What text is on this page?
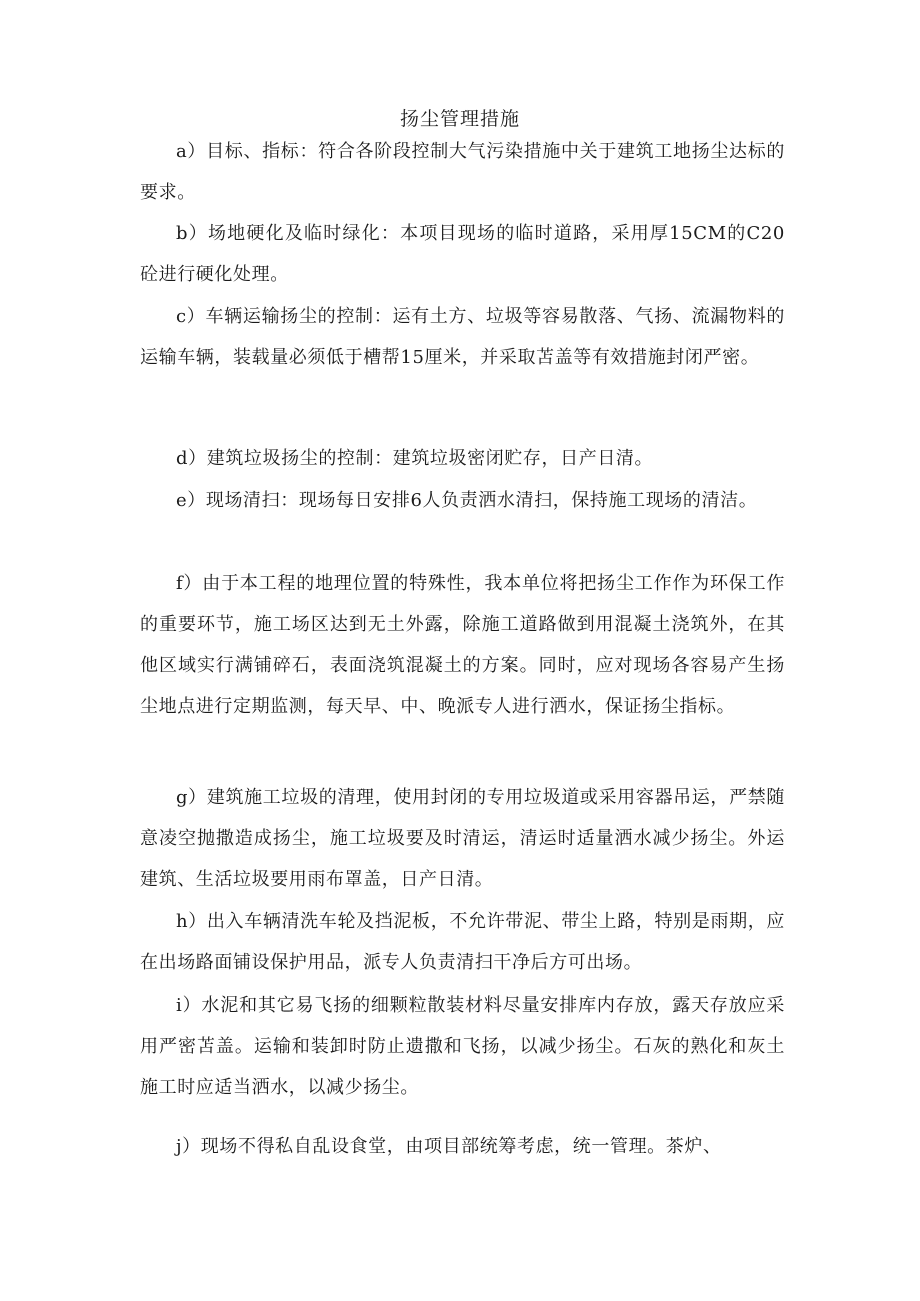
扬尘管理措施

a）目标、指标：符合各阶段控制大气污染措施中关于建筑工地扬尘达标的要求。

b）场地硬化及临时绿化：本项目现场的临时道路，采用厚15CM的C20 砼进行硬化处理。

c）车辆运输扬尘的控制：运有土方、垃圾等容易散落、气扬、流漏物料的运输车辆，装载量必须低于槽帮15厘米，并采取苫盖等有效措施封闭严密。

d）建筑垃圾扬尘的控制：建筑垃圾密闭贮存，日产日清。

e）现场清扫：现场每日安排6人负责洒水清扫，保持施工现场的清洁。

f）由于本工程的地理位置的特殊性，我本单位将把扬尘工作作为环保工作的重要环节，施工场区达到无土外露，除施工道路做到用混凝土浇筑外，在其他区域实行满铺碎石，表面浇筑混凝土的方案。同时，应对现场各容易产生扬尘地点进行定期监测，每天早、中、晚派专人进行洒水，保证扬尘指标。

g）建筑施工垃圾的清理，使用封闭的专用垃圾道或采用容器吊运，严禁随意凌空抛撒造成扬尘，施工垃圾要及时清运，清运时适量洒水减少扬尘。外运建筑、生活垃圾要用雨布罩盖，日产日清。

h）出入车辆清洗车轮及挡泥板，不允许带泥、带尘上路，特别是雨期，应在出场路面铺设保护用品，派专人负责清扫干净后方可出场。

i）水泥和其它易飞扬的细颗粒散装材料尽量安排库内存放，露天存放应采用严密苫盖。运输和装卸时防止遗撒和飞扬，以减少扬尘。石灰的熟化和灰土施工时应适当洒水，以减少扬尘。

j）现场不得私自乱设食堂，由项目部统筹考虑，统一管理。茶炉、
